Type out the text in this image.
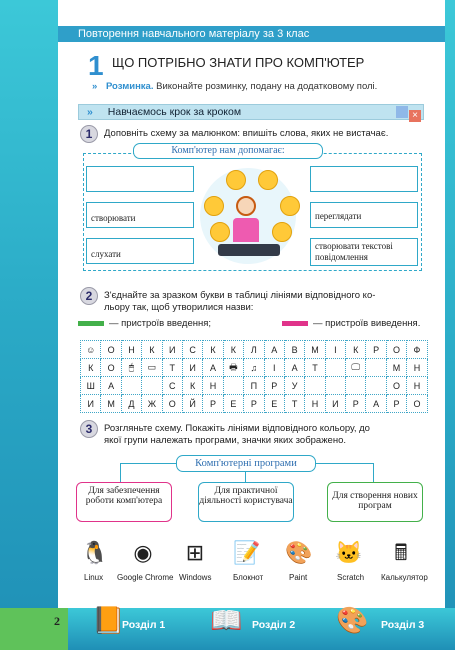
Повторення навчального матеріалу за 3 клас
1 ЩО ПОТРІБНО ЗНАТИ ПРО КОМП'ЮТЕР
» Розминка. Виконайте розминку, подану на додатковому полі.
» Навчаємось крок за кроком	×
1	Доповніть схему за малюнком: впишіть слова, яких не вистачає.
Комп'ютер нам допомагає:
створювати
слухати
переглядати
створювати текстові повідомлення
2	З'єднайте за зразком букви в таблиці лініями відповідного ко-
льору так, щоб утворилися назви:
— пристроїв введення;	— пристроїв виведення.
☺	О	Н	К	И	С	К	К	Л	А	В	М	І	К	Р	О	Ф
К	О	🖱	▭	Т	И	А	🖶	♫	І	А	Т		🖵		М	Н
Ш	А			С	К	Н		П	Р	У					О	Н
И	М	Д	Ж	О	Й	Р	Е	Р	Е	Т	Н	И	Р	А	Р	О
3	Розгляньте схему. Покажіть лініями відповідного кольору, до
якої групи належать програми, значки яких зображено.
Комп'ютерні програми
Для забезпечення роботи комп'ютера
Для практичної діяльності користувача	Для створення нових програм
🐧
Linux
◉
Google Chrome
⊞
Windows
📝
Блокнот
🎨
Paint
🐱
Scratch
🖩
Калькулятор
2 📙
Розділ 1 📖 Розділ 2 🎨 Розділ 3
